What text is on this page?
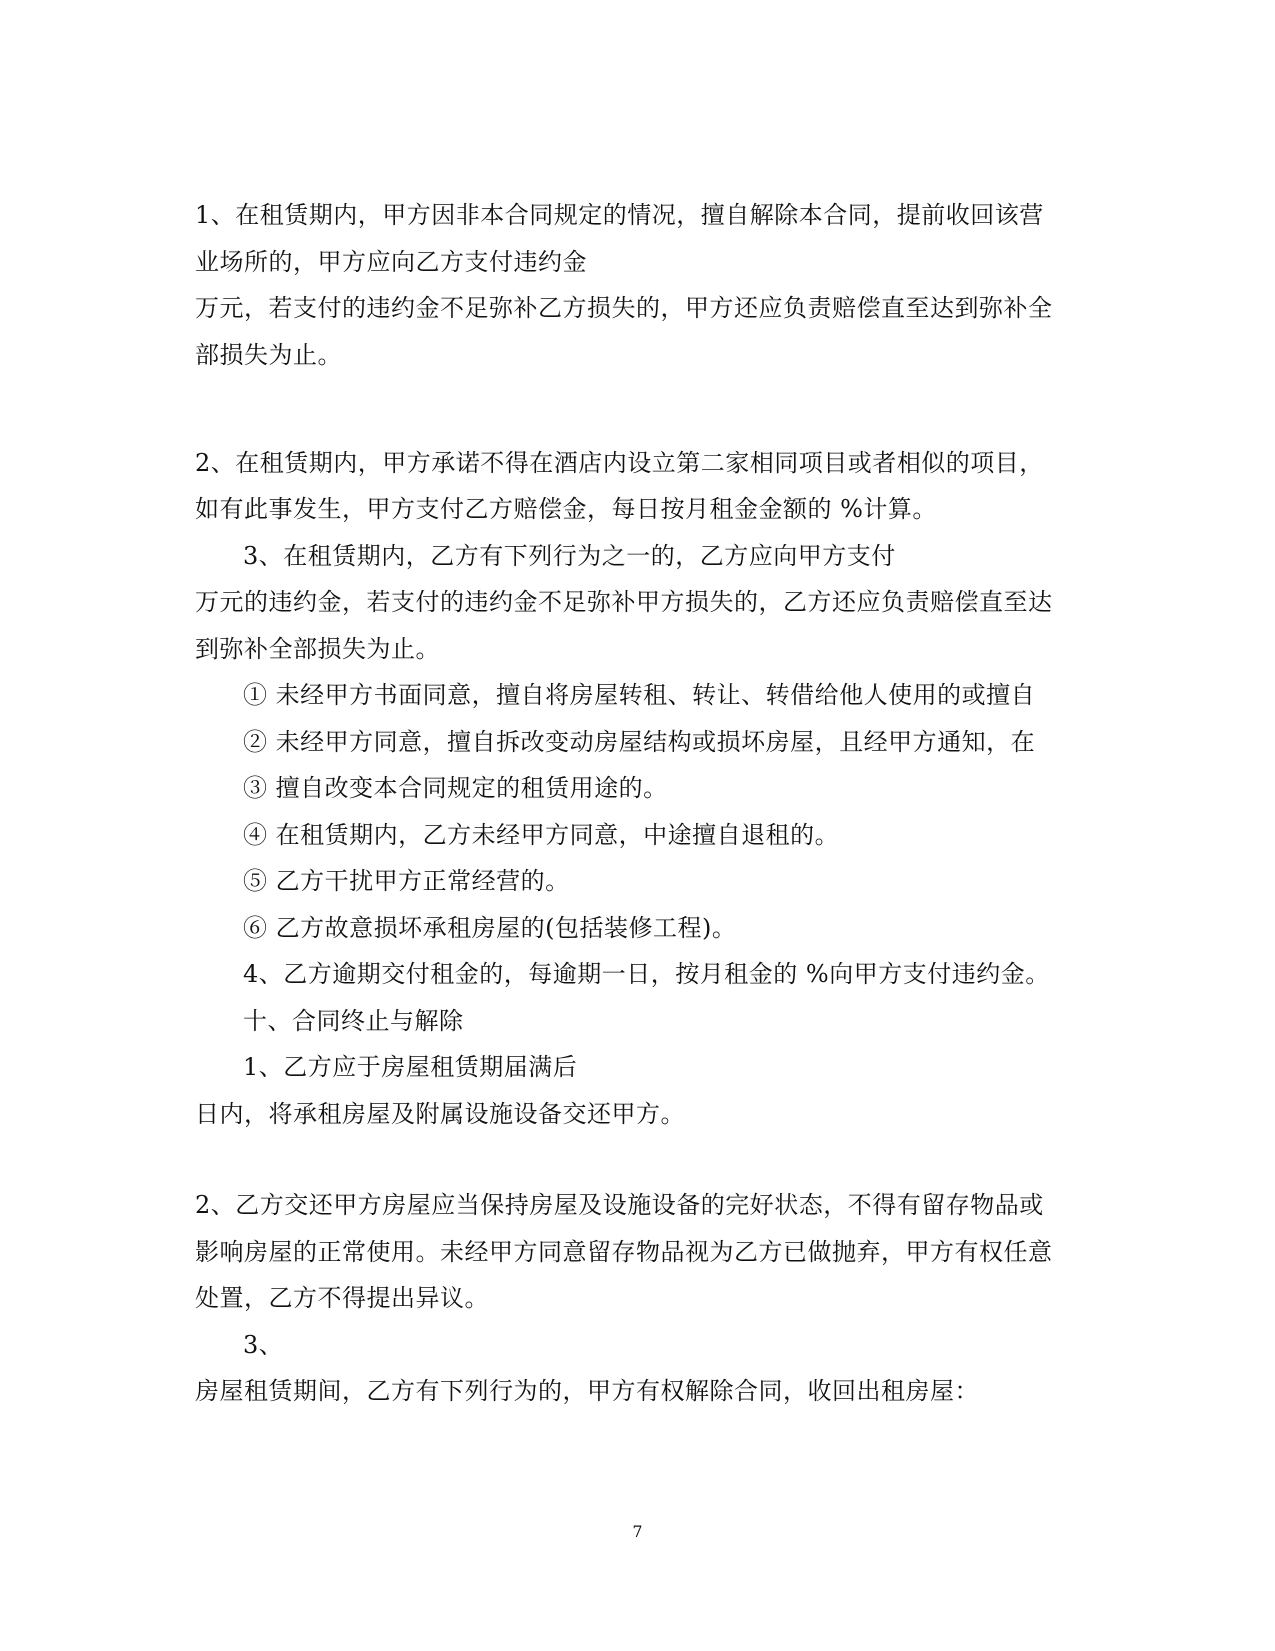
1、在租赁期内，甲方因非本合同规定的情况，擅自解除本合同，提前收回该营
业场所的，甲方应向乙方支付违约金
万元，若支付的违约金不足弥补乙方损失的，甲方还应负责赔偿直至达到弥补全
部损失为止。
2、在租赁期内，甲方承诺不得在酒店内设立第二家相同项目或者相似的项目，
如有此事发生，甲方支付乙方赔偿金，每日按月租金金额的 %计算。
3、在租赁期内，乙方有下列行为之一的，乙方应向甲方支付
万元的违约金，若支付的违约金不足弥补甲方损失的，乙方还应负责赔偿直至达
到弥补全部损失为止。
① 未经甲方书面同意，擅自将房屋转租、转让、转借给他人使用的或擅自
② 未经甲方同意，擅自拆改变动房屋结构或损坏房屋，且经甲方通知，在
③ 擅自改变本合同规定的租赁用途的。
④ 在租赁期内，乙方未经甲方同意，中途擅自退租的。
⑤ 乙方干扰甲方正常经营的。
⑥ 乙方故意损坏承租房屋的(包括装修工程)。
4、乙方逾期交付租金的，每逾期一日，按月租金的 %向甲方支付违约金。
十、合同终止与解除
1、乙方应于房屋租赁期届满后
日内，将承租房屋及附属设施设备交还甲方。
2、乙方交还甲方房屋应当保持房屋及设施设备的完好状态，不得有留存物品或
影响房屋的正常使用。未经甲方同意留存物品视为乙方已做抛弃，甲方有权任意
处置，乙方不得提出异议。
3、
房屋租赁期间，乙方有下列行为的，甲方有权解除合同，收回出租房屋：
7
